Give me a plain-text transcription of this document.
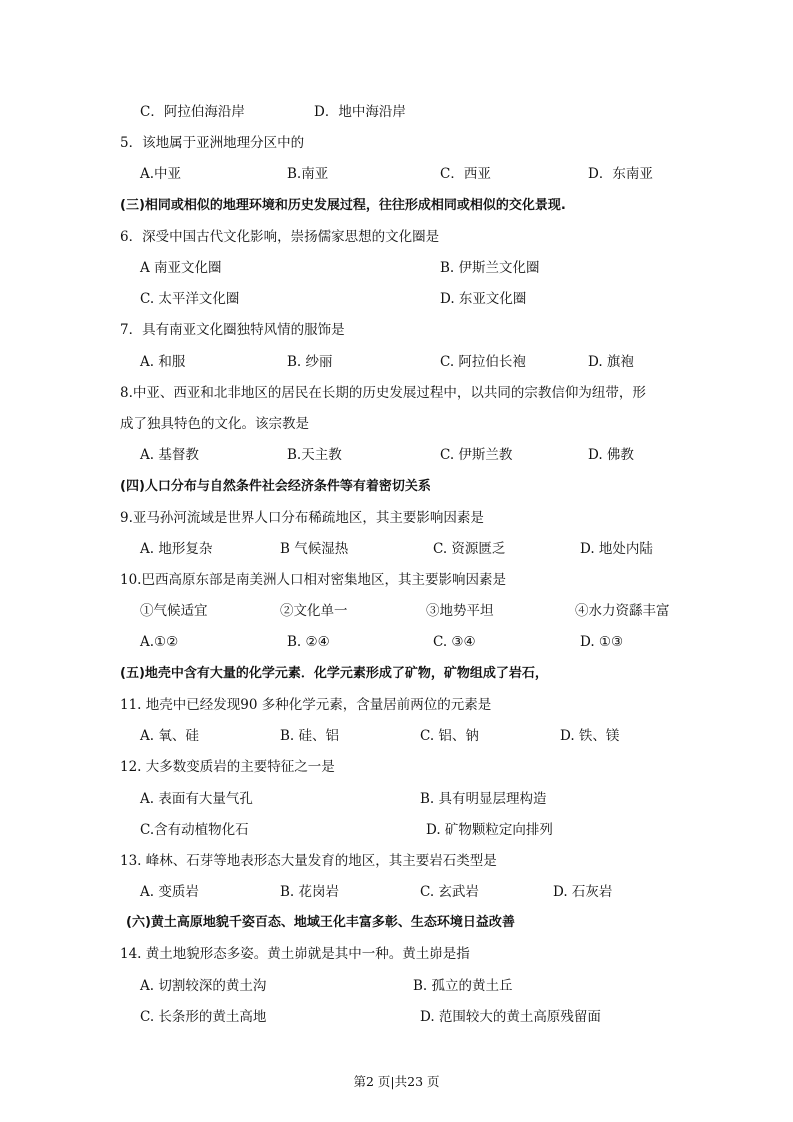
C．阿拉伯海沿岸	D．地中海沿岸
5．该地属于亚洲地理分区中的
A.中亚	B.南亚	C．西亚	D．东南亚
(三)相同或相似的地理环境和历史发展过程，往往形成相同或相似的交化景现.
6．深受中国古代文化影响，崇扬儒家思想的文化圈是
A 南亚文化圈	B. 伊斯兰文化圈
C. 太平洋文化圈	D. 东亚文化圈
7．具有南亚文化圈独特风情的服饰是
A. 和服	B. 纱丽	C. 阿拉伯长袍	D. 旗袍
8.中亚、西亚和北非地区的居民在长期的历史发展过程中，以共同的宗教信仰为纽带，形
成了独具特色的文化。该宗教是
A. 基督教	B.天主教	C. 伊斯兰教	D. 佛教
(四)人口分布与自然条件社会经济条件等有着密切关系
9.亚马孙河流域是世界人口分布稀疏地区，其主要影响因素是
A. 地形复杂	B 气候湿热	C. 资源匮乏	D. 地处内陆
10.巴西高原东部是南美洲人口相对密集地区，其主要影响因素是
①气候适宜	②文化单一	③地势平坦	④水力资繇丰富
A.①②	B. ②④	C. ③④	D. ①③
(五)地壳中含有大量的化学元素．化学元素形成了矿物，矿物组成了岩石，
11. 地壳中已经发现90 多种化学元素，含量居前两位的元素是
A. 氧、硅	B. 硅、铝	C. 铝、钠	D. 铁、镁
12. 大多数变质岩的主要特征之一是
A. 表面有大量气孔	B. 具有明显层理构造
C.含有动植物化石	D. 矿物颗粒定向排列
13. 峰林、石芽等地表形态大量发育的地区，其主要岩石类型是
A. 变质岩	B. 花岗岩	C. 玄武岩	D. 石灰岩
(六)黄土高原地貌千姿百态、地域王化丰富多彰、生态环境日益改善
14. 黄土地貌形态多姿。黄土峁就是其中一种。黄土峁是指
A. 切割较深的黄土沟	B. 孤立的黄土丘
C. 长条形的黄土高地	D. 范围较大的黄土高原残留面
第2 页|共23 页
